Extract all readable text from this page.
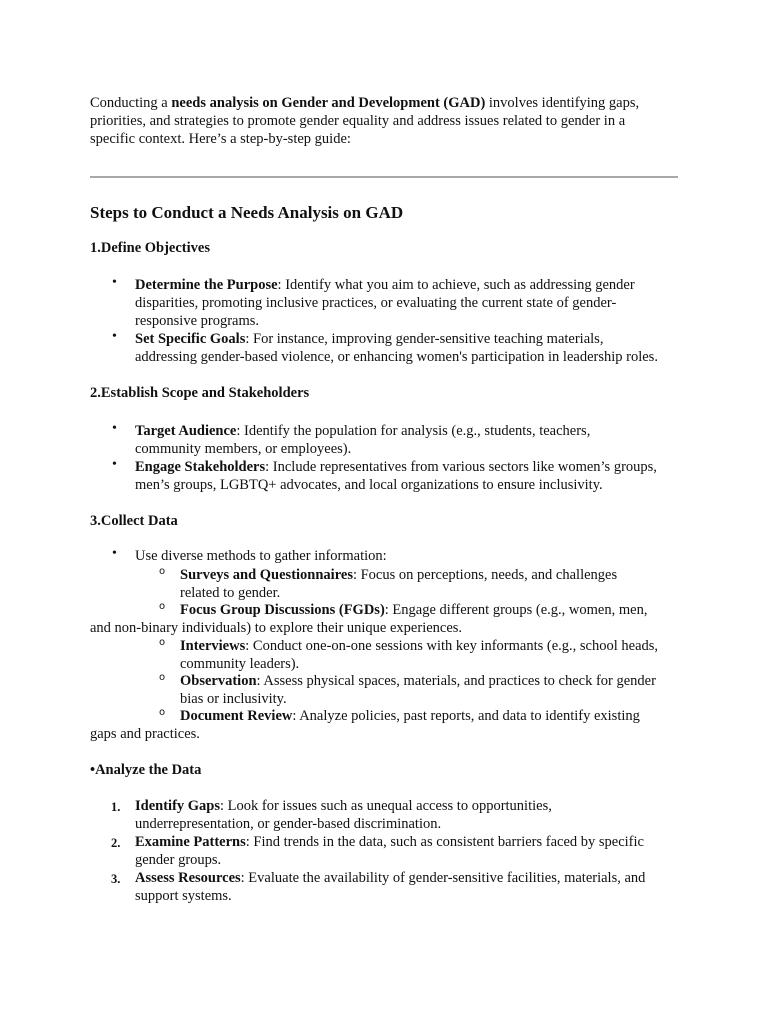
Conducting a needs analysis on Gender and Development (GAD) involves identifying gaps,
priorities, and strategies to promote gender equality and address issues related to gender in a
specific context. Here’s a step-by-step guide:
Steps to Conduct a Needs Analysis on GAD
1.Define Objectives
• Determine the Purpose: Identify what you aim to achieve, such as addressing gender
disparities, promoting inclusive practices, or evaluating the current state of gender-
responsive programs.
• Set Specific Goals: For instance, improving gender-sensitive teaching materials,
addressing gender-based violence, or enhancing women's participation in leadership roles.
2.Establish Scope and Stakeholders
• Target Audience: Identify the population for analysis (e.g., students, teachers,
community members, or employees).
• Engage Stakeholders: Include representatives from various sectors like women’s groups,
men’s groups, LGBTQ+ advocates, and local organizations to ensure inclusivity.
3.Collect Data
• Use diverse methods to gather information:
o Surveys and Questionnaires: Focus on perceptions, needs, and challenges
related to gender.
o Focus Group Discussions (FGDs): Engage different groups (e.g., women, men,
and non-binary individuals) to explore their unique experiences.
o Interviews: Conduct one-on-one sessions with key informants (e.g., school heads,
community leaders).
o Observation: Assess physical spaces, materials, and practices to check for gender
bias or inclusivity.
o Document Review: Analyze policies, past reports, and data to identify existing
gaps and practices.
•Analyze the Data
1. Identify Gaps: Look for issues such as unequal access to opportunities,
underrepresentation, or gender-based discrimination.
2. Examine Patterns: Find trends in the data, such as consistent barriers faced by specific
gender groups.
3. Assess Resources: Evaluate the availability of gender-sensitive facilities, materials, and
support systems.
